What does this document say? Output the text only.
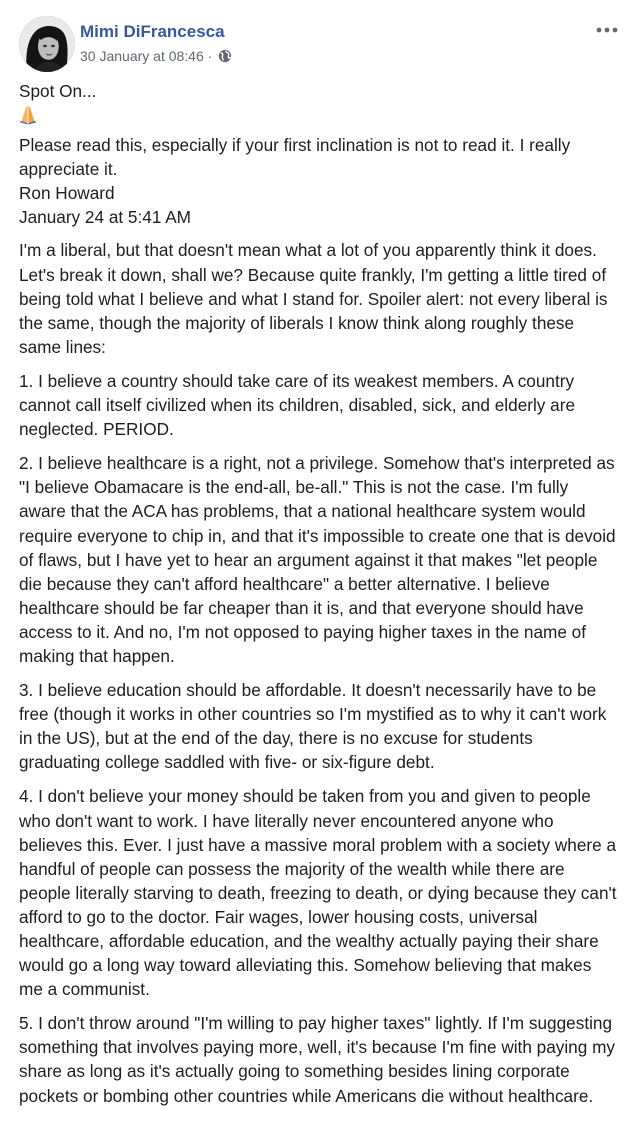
Mimi DiFrancesca
30 January at 08:46 ·
Spot On...

Please read this, especially if your first inclination is not to read it. I really appreciate it.

Ron Howard
January 24 at 5:41 AM

I'm a liberal, but that doesn't mean what a lot of you apparently think it does. Let's break it down, shall we? Because quite frankly, I'm getting a little tired of being told what I believe and what I stand for. Spoiler alert: not every liberal is the same, though the majority of liberals I know think along roughly these same lines:

1. I believe a country should take care of its weakest members. A country cannot call itself civilized when its children, disabled, sick, and elderly are neglected. PERIOD.

2. I believe healthcare is a right, not a privilege. Somehow that's interpreted as "I believe Obamacare is the end-all, be-all." This is not the case. I'm fully aware that the ACA has problems, that a national healthcare system would require everyone to chip in, and that it's impossible to create one that is devoid of flaws, but I have yet to hear an argument against it that makes "let people die because they can't afford healthcare" a better alternative. I believe healthcare should be far cheaper than it is, and that everyone should have access to it. And no, I'm not opposed to paying higher taxes in the name of making that happen.

3. I believe education should be affordable. It doesn't necessarily have to be free (though it works in other countries so I'm mystified as to why it can't work in the US), but at the end of the day, there is no excuse for students graduating college saddled with five- or six-figure debt.

4. I don't believe your money should be taken from you and given to people who don't want to work. I have literally never encountered anyone who believes this. Ever. I just have a massive moral problem with a society where a handful of people can possess the majority of the wealth while there are people literally starving to death, freezing to death, or dying because they can't afford to go to the doctor. Fair wages, lower housing costs, universal healthcare, affordable education, and the wealthy actually paying their share would go a long way toward alleviating this. Somehow believing that makes me a communist.

5. I don't throw around "I'm willing to pay higher taxes" lightly. If I'm suggesting something that involves paying more, well, it's because I'm fine with paying my share as long as it's actually going to something besides lining corporate pockets or bombing other countries while Americans die without healthcare.
